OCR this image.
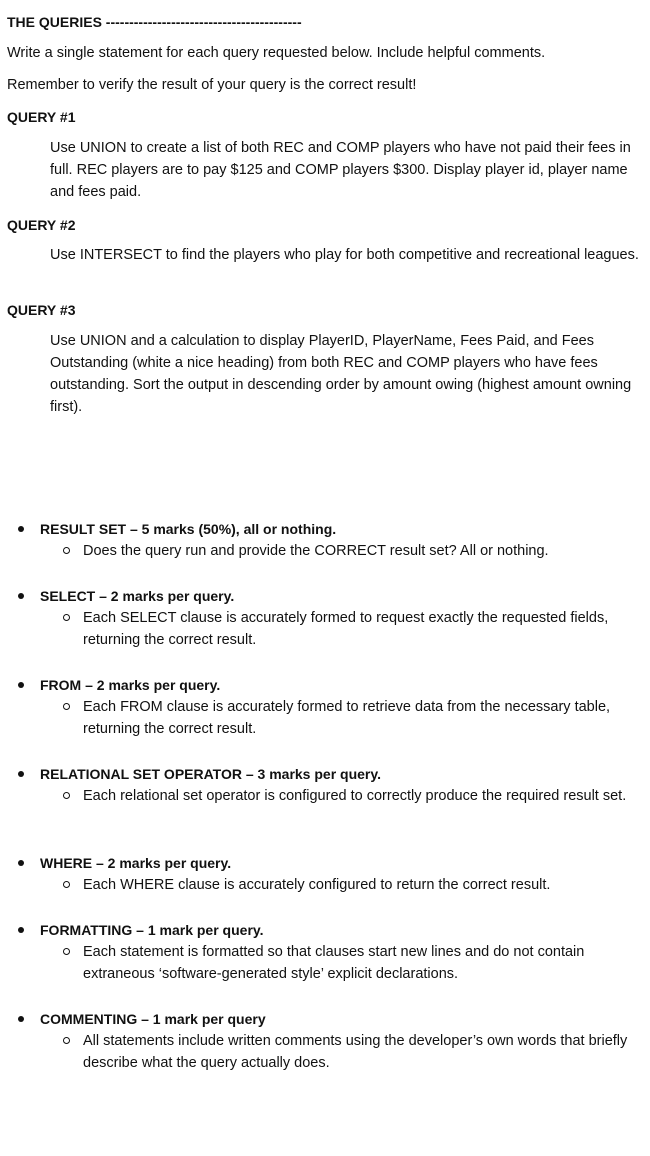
THE QUERIES ------------------------------------------
Write a single statement for each query requested below. Include helpful comments.
Remember to verify the result of your query is the correct result!
QUERY #1
Use UNION to create a list of both REC and COMP players who have not paid their fees in full. REC players are to pay $125 and COMP players $300. Display player id, player name and fees paid.
QUERY #2
Use INTERSECT to find the players who play for both competitive and recreational leagues.
QUERY #3
Use UNION and a calculation to display PlayerID, PlayerName, Fees Paid, and Fees Outstanding (white a nice heading) from both REC and COMP players who have fees outstanding. Sort the output in descending order by amount owing (highest amount owning first).
RESULT SET – 5 marks (50%), all or nothing.
Does the query run and provide the CORRECT result set? All or nothing.
SELECT – 2 marks per query.
Each SELECT clause is accurately formed to request exactly the requested fields, returning the correct result.
FROM – 2 marks per query.
Each FROM clause is accurately formed to retrieve data from the necessary table, returning the correct result.
RELATIONAL SET OPERATOR – 3 marks per query.
Each relational set operator is configured to correctly produce the required result set.
WHERE – 2 marks per query.
Each WHERE clause is accurately configured to return the correct result.
FORMATTING – 1 mark per query.
Each statement is formatted so that clauses start new lines and do not contain extraneous ‘software-generated style’ explicit declarations.
COMMENTING – 1 mark per query
All statements include written comments using the developer’s own words that briefly describe what the query actually does.
